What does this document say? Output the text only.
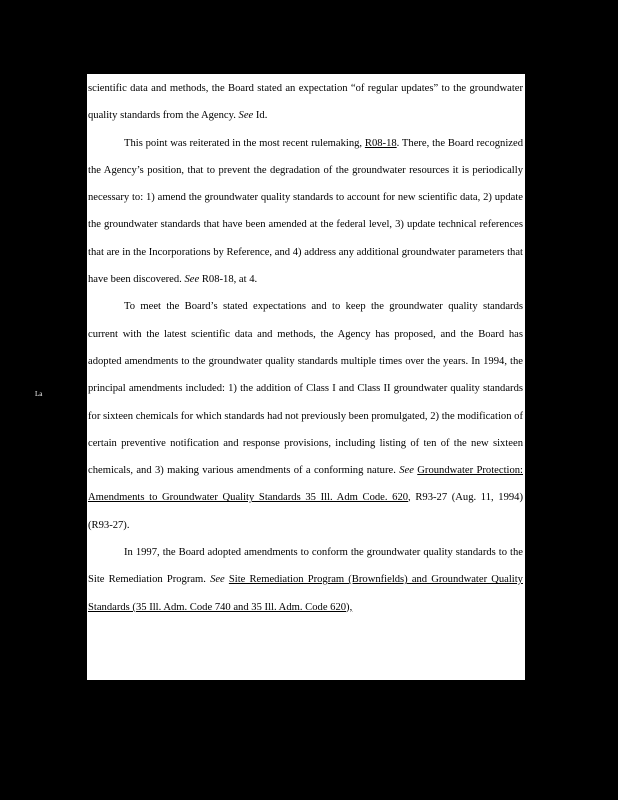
La

scientific data and methods, the Board stated an expectation “of regular updates” to the groundwater quality standards from the Agency. See Id.

This point was reiterated in the most recent rulemaking, R08-18. There, the Board recognized the Agency’s position, that to prevent the degradation of the groundwater resources it is periodically necessary to: 1) amend the groundwater quality standards to account for new scientific data, 2) update the groundwater standards that have been amended at the federal level, 3) update technical references that are in the Incorporations by Reference, and 4) address any additional groundwater parameters that have been discovered. See R08-18, at 4.

To meet the Board’s stated expectations and to keep the groundwater quality standards current with the latest scientific data and methods, the Agency has proposed, and the Board has adopted amendments to the groundwater quality standards multiple times over the years. In 1994, the principal amendments included: 1) the addition of Class I and Class II groundwater quality standards for sixteen chemicals for which standards had not previously been promulgated, 2) the modification of certain preventive notification and response provisions, including listing of ten of the new sixteen chemicals, and 3) making various amendments of a conforming nature. See Groundwater Protection: Amendments to Groundwater Quality Standards 35 Ill. Adm Code. 620, R93-27 (Aug. 11, 1994) (R93-27).

In 1997, the Board adopted amendments to conform the groundwater quality standards to the Site Remediation Program. See Site Remediation Program (Brownfields) and Groundwater Quality Standards (35 Ill. Adm. Code 740 and 35 Ill. Adm. Code 620),
